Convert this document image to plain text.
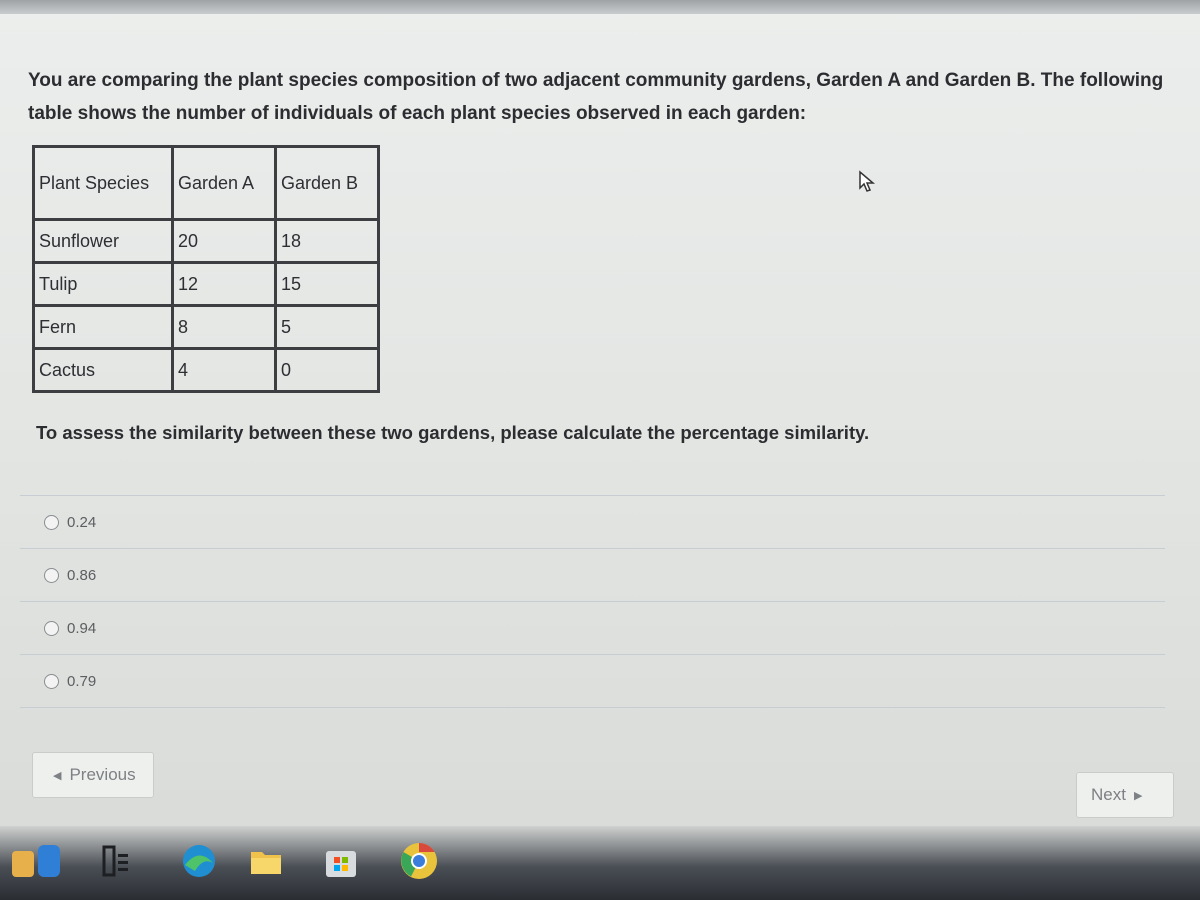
You are comparing the plant species composition of two adjacent community gardens, Garden A and Garden B. The following
table shows the number of individuals of each plant species observed in each garden:
Plant Species	Garden A	Garden B
Sunflower	20	18
Tulip	12	15
Fern	8	5
Cactus	4	0
To assess the similarity between these two gardens, please calculate the percentage similarity.
0.24
0.86
0.94
0.79
◀ Previous
Next ▶
